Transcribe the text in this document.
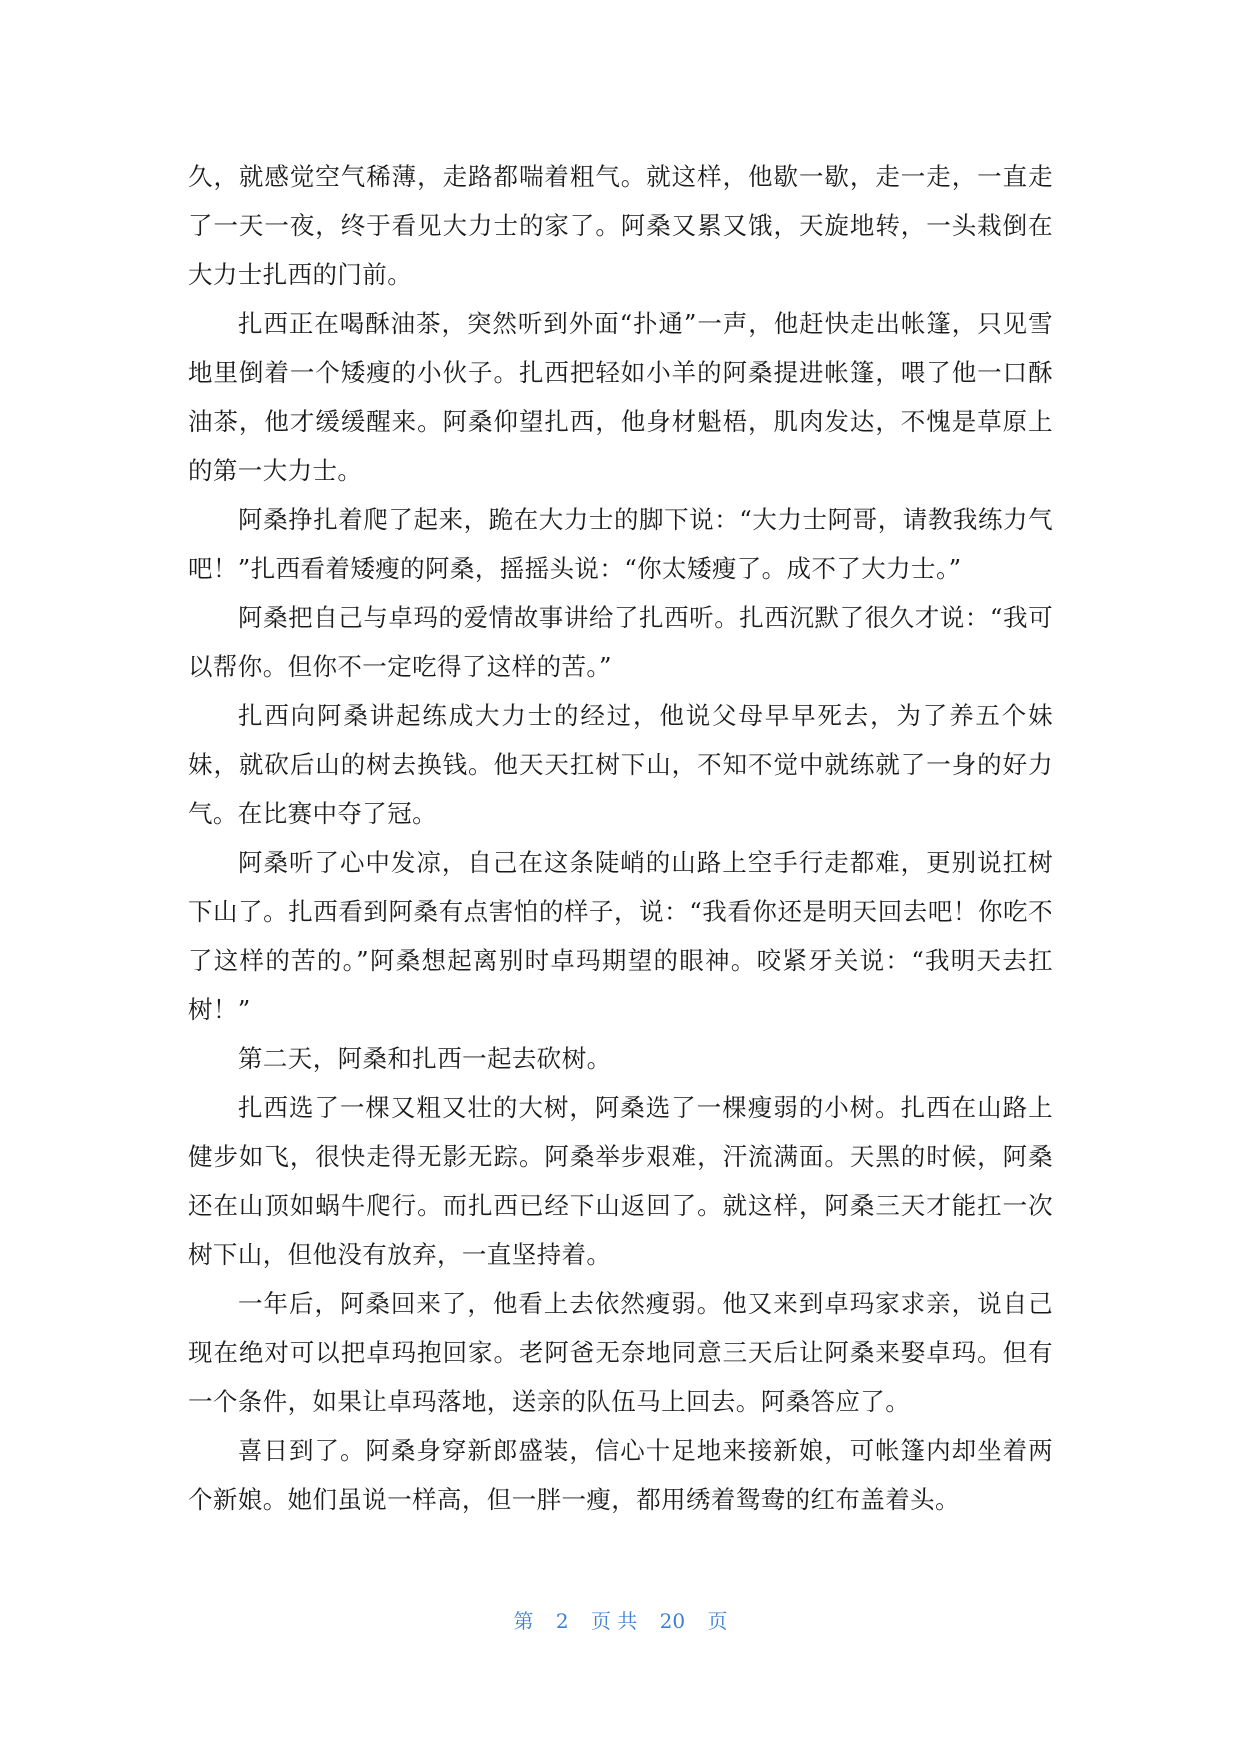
久，就感觉空气稀薄，走路都喘着粗气。就这样，他歇一歇，走一走，一直走了一天一夜，终于看见大力士的家了。阿桑又累又饿，天旋地转，一头栽倒在大力士扎西的门前。

扎西正在喝酥油茶，突然听到外面“扑通”一声，他赶快走出帐篷，只见雪地里倒着一个矮瘦的小伙子。扎西把轻如小羊的阿桑提进帐篷，喂了他一口酥油茶，他才缓缓醒来。阿桑仰望扎西，他身材魁梧，肌肉发达，不愧是草原上的第一大力士。

阿桑挣扎着爬了起来，跪在大力士的脚下说：“大力士阿哥，请教我练力气吧！”扎西看着矮瘦的阿桑，摇摇头说：“你太矮瘦了。成不了大力士。”

阿桑把自己与卓玛的爱情故事讲给了扎西听。扎西沉默了很久才说：“我可以帮你。但你不一定吃得了这样的苦。”

扎西向阿桑讲起练成大力士的经过，他说父母早早死去，为了养五个妹妹，就砍后山的树去换钱。他天天扛树下山，不知不觉中就练就了一身的好力气。在比赛中夺了冠。

阿桑听了心中发凉，自己在这条陡峭的山路上空手行走都难，更别说扛树下山了。扎西看到阿桑有点害怕的样子，说：“我看你还是明天回去吧！你吃不了这样的苦的。”阿桑想起离别时卓玛期望的眼神。咬紧牙关说：“我明天去扛树！”

第二天，阿桑和扎西一起去砍树。

扎西选了一棵又粗又壮的大树，阿桑选了一棵瘦弱的小树。扎西在山路上健步如飞，很快走得无影无踪。阿桑举步艰难，汗流满面。天黑的时候，阿桑还在山顶如蜗牛爬行。而扎西已经下山返回了。就这样，阿桑三天才能扛一次树下山，但他没有放弃，一直坚持着。

一年后，阿桑回来了，他看上去依然瘦弱。他又来到卓玛家求亲，说自己现在绝对可以把卓玛抱回家。老阿爸无奈地同意三天后让阿桑来娶卓玛。但有一个条件，如果让卓玛落地，送亲的队伍马上回去。阿桑答应了。

喜日到了。阿桑身穿新郎盛装，信心十足地来接新娘，可帐篷内却坐着两个新娘。她们虽说一样高，但一胖一瘦，都用绣着鸳鸯的红布盖着头。

第 2 页 共 20 页
